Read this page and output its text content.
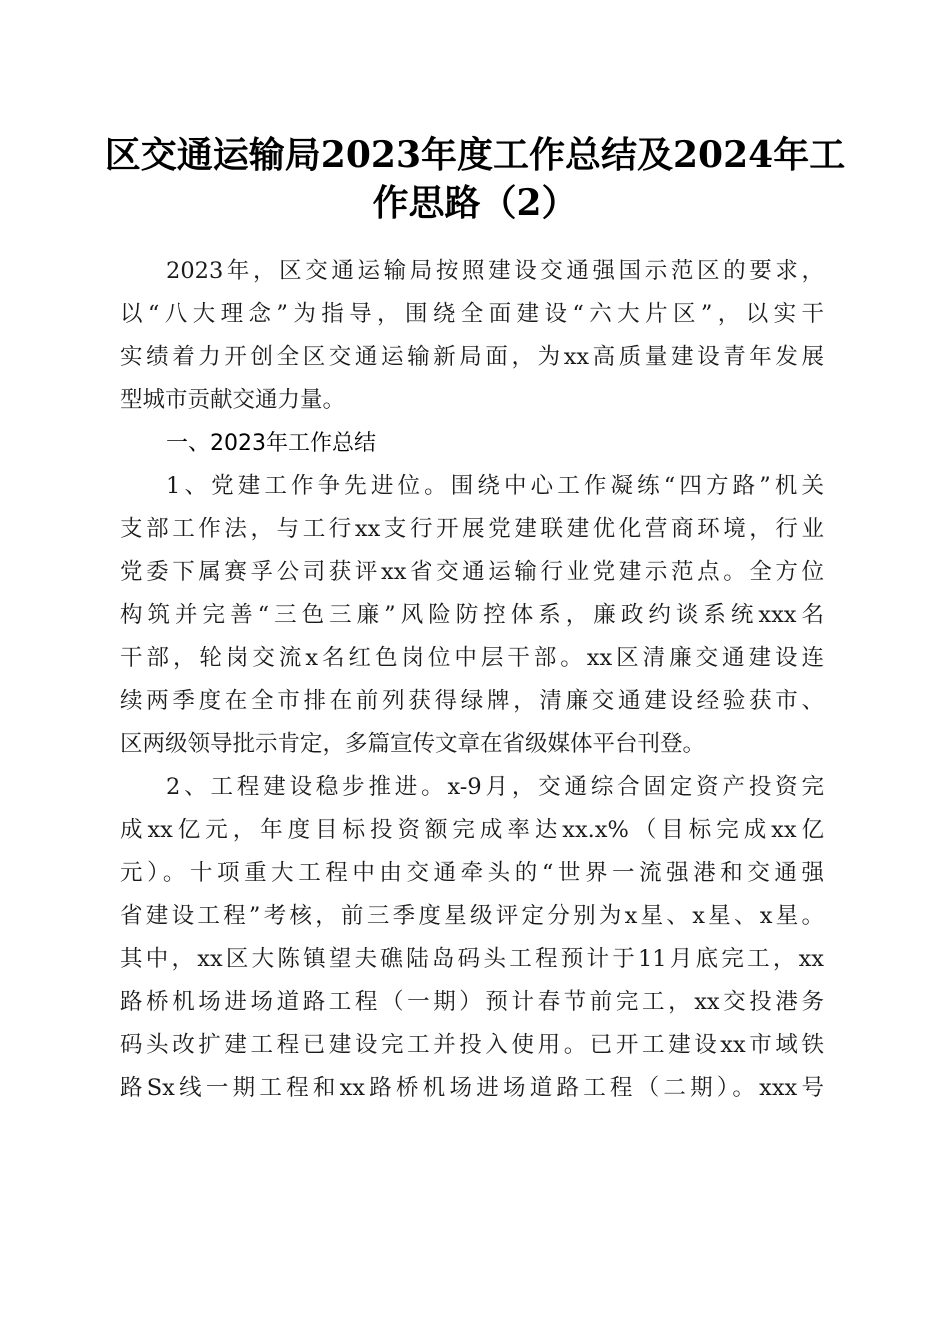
区交通运输局2023年度工作总结及2024年工
作思路（2）
2023年，区交通运输局按照建设交通强国示范区的要求，
以“八大理念”为指导，围绕全面建设“六大片区”，以实干
实绩着力开创全区交通运输新局面，为xx高质量建设青年发展
型城市贡献交通力量。
一、2023年工作总结
1、党建工作争先进位。围绕中心工作凝练“四方路”机关
支部工作法，与工行xx支行开展党建联建优化营商环境，行业
党委下属赛孚公司获评xx省交通运输行业党建示范点。全方位
构筑并完善“三色三廉”风险防控体系，廉政约谈系统xxx名
干部，轮岗交流x名红色岗位中层干部。xx区清廉交通建设连
续两季度在全市排在前列获得绿牌，清廉交通建设经验获市、
区两级领导批示肯定，多篇宣传文章在省级媒体平台刊登。
2、工程建设稳步推进。x-9月，交通综合固定资产投资完
成xx亿元，年度目标投资额完成率达xx.x%（目标完成xx亿
元）。十项重大工程中由交通牵头的“世界一流强港和交通强
省建设工程”考核，前三季度星级评定分别为x星、x星、x星。
其中，xx区大陈镇望夫礁陆岛码头工程预计于11月底完工，xx
路桥机场进场道路工程（一期）预计春节前完工，xx交投港务
码头改扩建工程已建设完工并投入使用。已开工建设xx市域铁
路Sx线一期工程和xx路桥机场进场道路工程（二期）。xxx号
